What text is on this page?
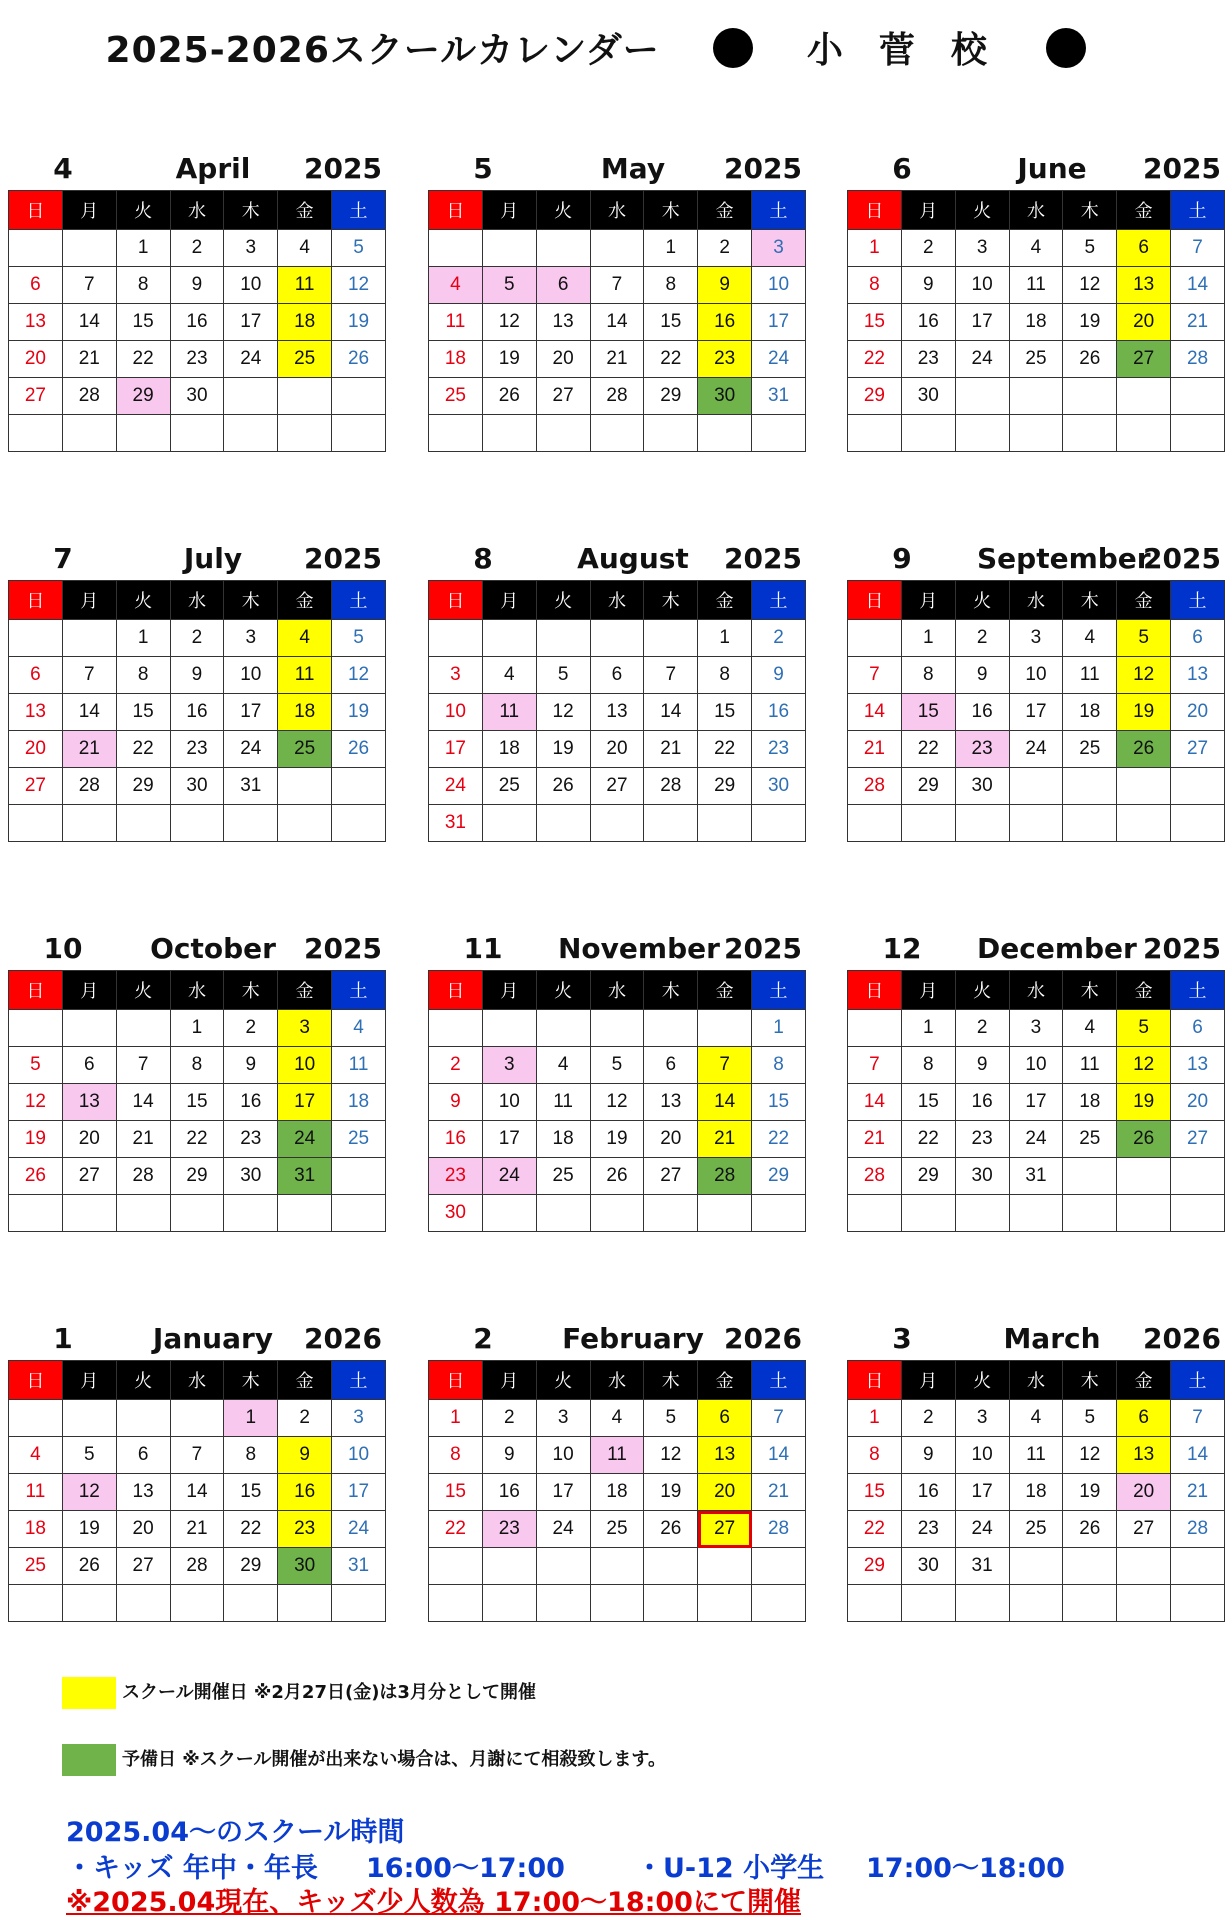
2025-2026スクールカレンダー	小菅校
4	April	2025
日	月	火	水	木	金	土
		1	2	3	4	5
6	7	8	9	10	11	12
13	14	15	16	17	18	19
20	21	22	23	24	25	26
27	28	29	30			

5	May	2025
日	月	火	水	木	金	土
				1	2	3
4	5	6	7	8	9	10
11	12	13	14	15	16	17
18	19	20	21	22	23	24
25	26	27	28	29	30	31

6	June	2025
日	月	火	水	木	金	土
1	2	3	4	5	6	7
8	9	10	11	12	13	14
15	16	17	18	19	20	21
22	23	24	25	26	27	28
29	30					

7	July	2025
日	月	火	水	木	金	土
		1	2	3	4	5
6	7	8	9	10	11	12
13	14	15	16	17	18	19
20	21	22	23	24	25	26
27	28	29	30	31		

8	August	2025
日	月	火	水	木	金	土
					1	2
3	4	5	6	7	8	9
10	11	12	13	14	15	16
17	18	19	20	21	22	23
24	25	26	27	28	29	30
31						
9	September
2025
日	月	火	水	木	金	土
	1	2	3	4	5	6
7	8	9	10	11	12	13
14	15	16	17	18	19	20
21	22	23	24	25	26	27
28	29	30				

10	October	2025
日	月	火	水	木	金	土
			1	2	3	4
5	6	7	8	9	10	11
12	13	14	15	16	17	18
19	20	21	22	23	24	25
26	27	28	29	30	31	

11 November 2025
日	月	火	水	木	金	土
						1
2	3	4	5	6	7	8
9	10	11	12	13	14	15
16	17	18	19	20	21	22
23	24	25	26	27	28	29
30						
12 December 2025
日	月	火	水	木	金	土
	1	2	3	4	5	6
7	8	9	10	11	12	13
14	15	16	17	18	19	20
21	22	23	24	25	26	27
28	29	30	31			

1	January	2026
日	月	火	水	木	金	土
				1	2	3
4	5	6	7	8	9	10
11	12	13	14	15	16	17
18	19	20	21	22	23	24
25	26	27	28	29	30	31

2	February 2026
日	月	火	水	木	金	土
1	2	3	4	5	6	7
8	9	10	11	12	13	14
15	16	17	18	19	20	21
22	23	24	25	26	27	28

3	March	2026
日	月	火	水	木	金	土
1	2	3	4	5	6	7
8	9	10	11	12	13	14
15	16	17	18	19	20	21
22	23	24	25	26	27	28
29	30	31				

スクール開催日 ※2月27日(金)は3月分として開催
予備日 ※スクール開催が出来ない場合は、月謝にて相殺致します。
2025.04～のスクール時間
・キッズ 年中・年長 16:00～17:00	・U-12 小学生 17:00～18:00
※2025.04現在、キッズ少人数為 17:00～18:00にて開催
